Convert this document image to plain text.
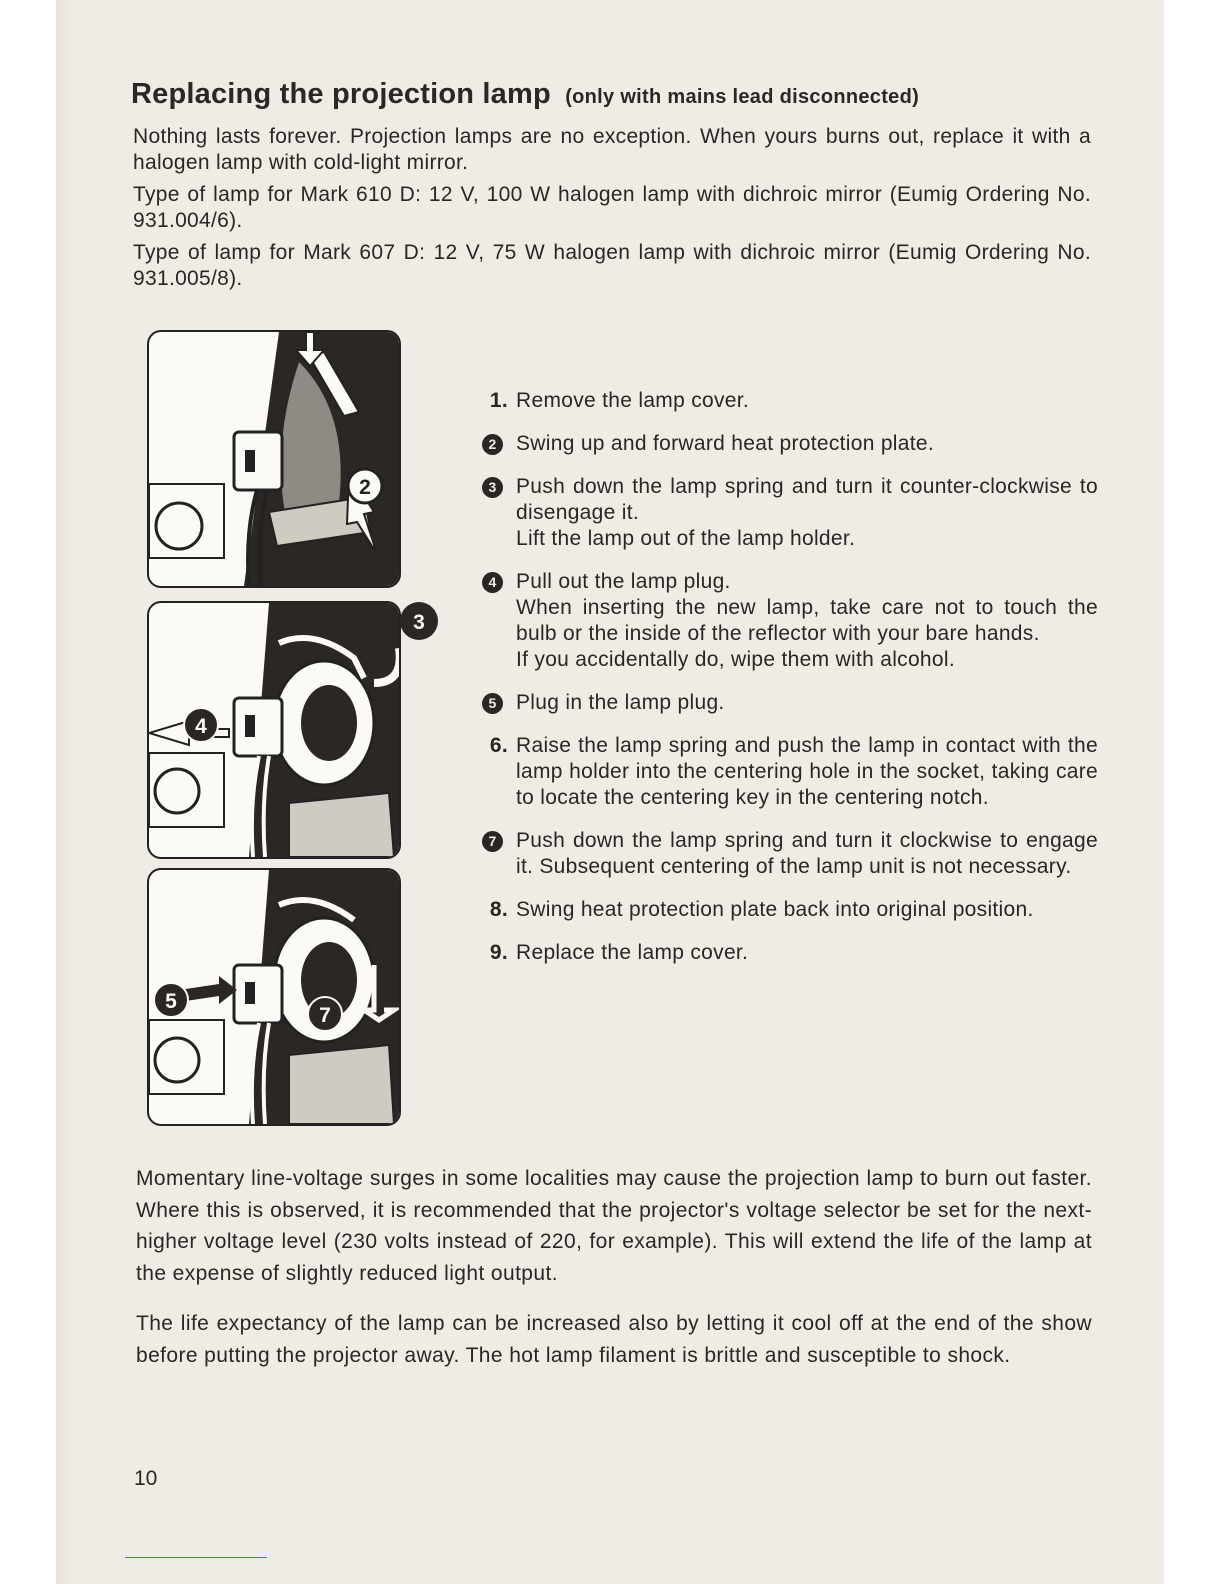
Replacing the projection lamp (only with mains lead disconnected)

Nothing lasts forever. Projection lamps are no exception. When yours burns out, replace it with a halogen lamp with cold-light mirror.

Type of lamp for Mark 610 D: 12 V, 100 W halogen lamp with dichroic mirror (Eumig Ordering No. 931.004/6).

Type of lamp for Mark 607 D: 12 V, 75 W halogen lamp with dichroic mirror (Eumig Ordering No. 931.005/8).

2
4
3
5
7
1. Remove the lamp cover.
2 Swing up and forward heat protection plate.
3 Push down the lamp spring and turn it counter-clockwise to disengage it.
Lift the lamp out of the lamp holder.
4 Pull out the lamp plug.
When inserting the new lamp, take care not to touch the bulb or the inside of the reflector with your bare hands.
If you accidentally do, wipe them with alcohol.
5 Plug in the lamp plug.
6. Raise the lamp spring and push the lamp in contact with the lamp holder into the centering hole in the socket, taking care to locate the centering key in the centering notch.
7 Push down the lamp spring and turn it clockwise to engage it. Subsequent centering of the lamp unit is not necessary.
8. Swing heat protection plate back into original position.
9. Replace the lamp cover.

Momentary line-voltage surges in some localities may cause the projection lamp to burn out faster. Where this is observed, it is recommended that the projector's voltage selector be set for the next-higher voltage level (230 volts instead of 220, for example). This will extend the life of the lamp at the expense of slightly reduced light output.

The life expectancy of the lamp can be increased also by letting it cool off at the end of the show before putting the projector away. The hot lamp filament is brittle and susceptible to shock.

10
